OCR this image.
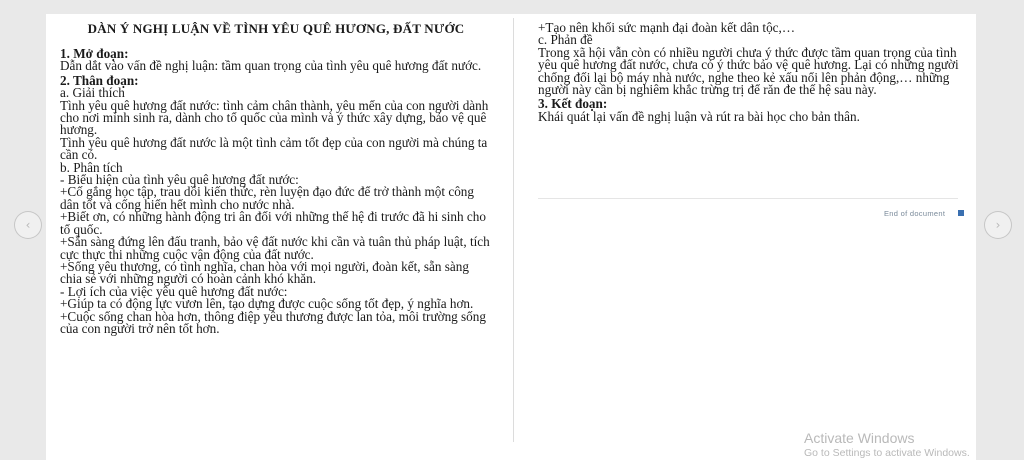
DÀN Ý NGHỊ LUẬN VỀ TÌNH YÊU QUÊ HƯƠNG, ĐẤT NƯỚC

1. Mở đoạn:

Dẫn dắt vào vấn đề nghị luận: tầm quan trọng của tình yêu quê hương đất nước.

2. Thân đoạn:

a. Giải thích

Tình yêu quê hương đất nước: tình cảm chân thành, yêu mến của con người dành cho nơi mình sinh ra, dành cho tổ quốc của mình và ý thức xây dựng, bảo vệ quê hương.

Tình yêu quê hương đất nước là một tình cảm tốt đẹp của con người mà chúng ta cần có.

b. Phân tích

- Biểu hiện của tình yêu quê hương đất nước:

+Cố gắng học tập, trau dồi kiến thức, rèn luyện đạo đức để trở thành một công dân tốt và cống hiến hết mình cho nước nhà.

+Biết ơn, có những hành động tri ân đối với những thế hệ đi trước đã hi sinh cho tổ quốc.

+Sẵn sàng đứng lên đấu tranh, bảo vệ đất nước khi cần và tuân thủ pháp luật, tích cực thực thi những cuộc vận động của đất nước.

+Sống yêu thương, có tình nghĩa, chan hòa với mọi người, đoàn kết, sẵn sàng chia sẻ với những người có hoàn cảnh khó khăn.

- Lợi ích của việc yêu quê hương đất nước:

+Giúp ta có động lực vươn lên, tạo dựng được cuộc sống tốt đẹp, ý nghĩa hơn.

+Cuộc sống chan hòa hơn, thông điệp yêu thương được lan tỏa, môi trường sống của con người trở nên tốt hơn.

+Tạo nên khối sức mạnh đại đoàn kết dân tộc,…

c. Phản đề

Trong xã hội vẫn còn có nhiều người chưa ý thức được tầm quan trọng của tình yêu quê hương đất nước, chưa có ý thức bảo vệ quê hương. Lại có những người chống đối lại bộ máy nhà nước, nghe theo kẻ xấu nổi lên phản động,… những người này cần bị nghiêm khắc trừng trị để răn đe thế hệ sau này.

3. Kết đoạn:

Khái quát lại vấn đề nghị luận và rút ra bài học cho bản thân.

End of document
‹	›
Activate Windows
Go to Settings to activate Windows.
